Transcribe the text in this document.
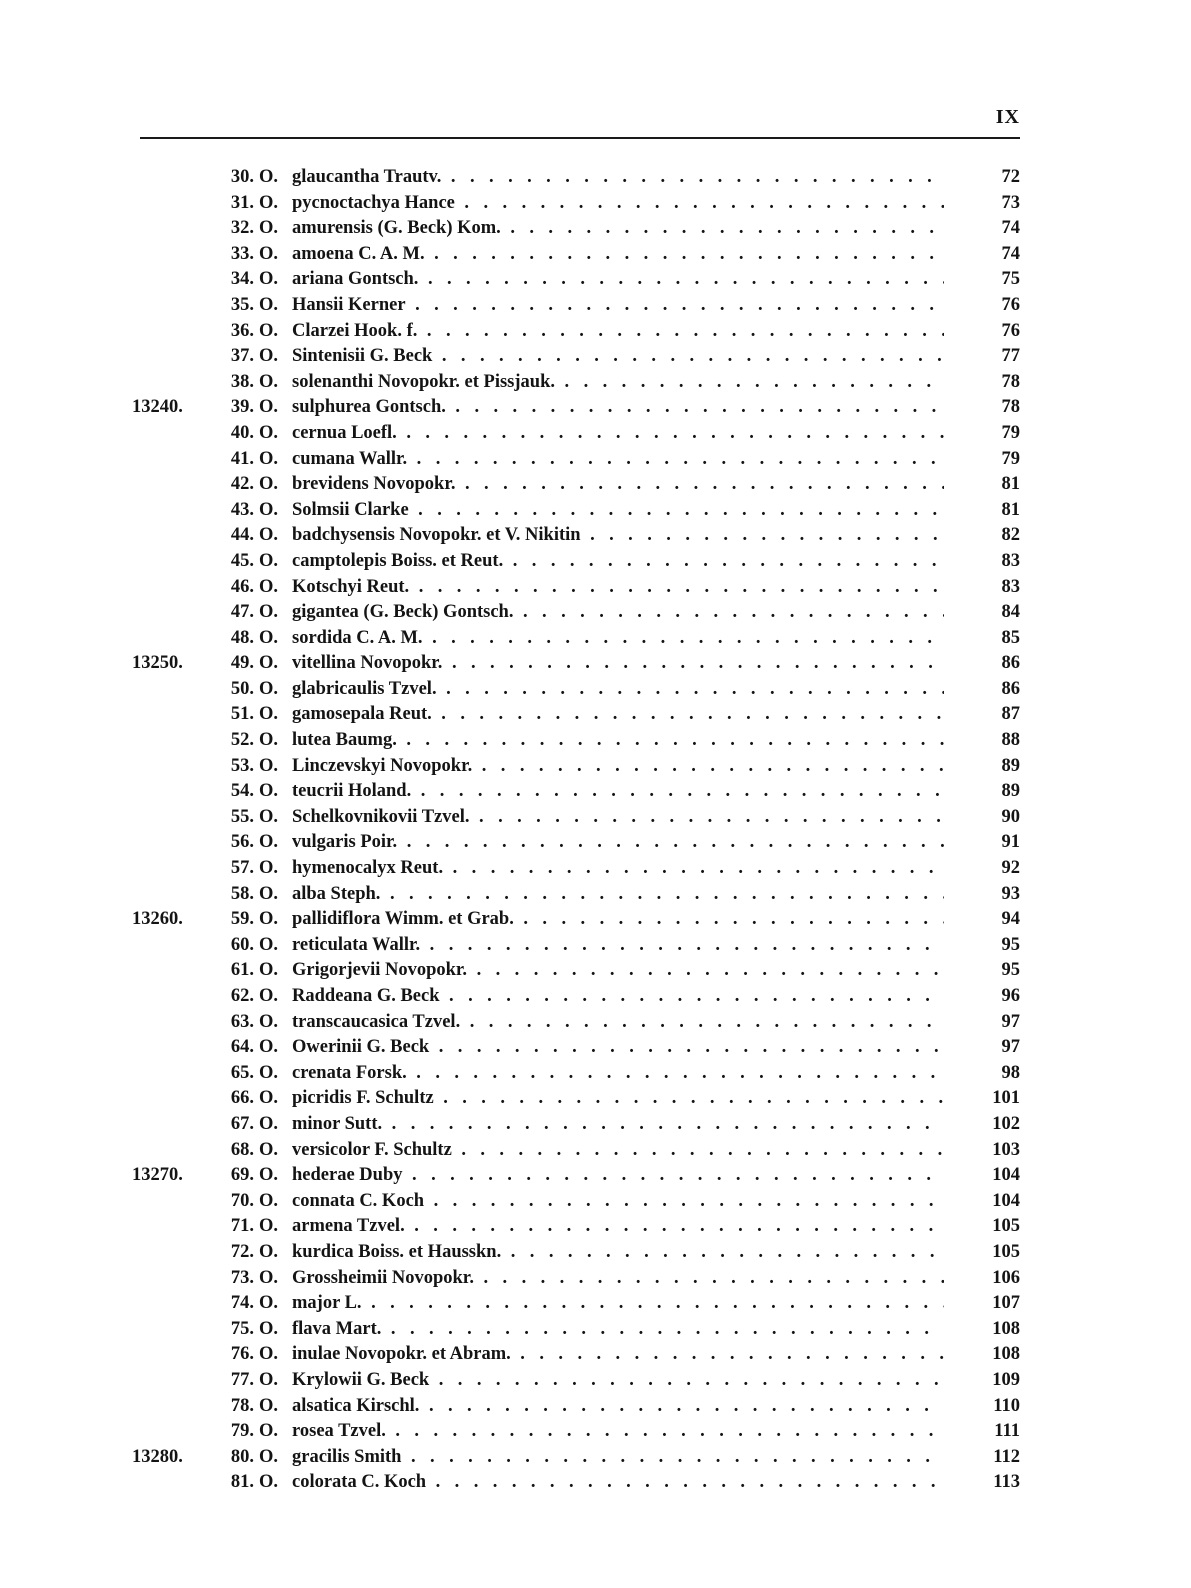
IX
30. O. glaucantha Trautv. . . .	72
31. O. pycnoctachya Hance . . .	73
32. O. amurensis (G. Beck) Kom. . . .	74
33. O. amoena C. A. M. . . .	74
34. O. ariana Gontsch. . . .	75
35. O. Hansii Kerner . . .	76
36. O. Clarzei Hook. f. . . .	76
37. O. Sintenisii G. Beck . . .	77
38. O. solenanthi Novopokr. et Pissjauk. . . .	78
13240.	39. O. sulphurea Gontsch. . . .	78
40. O. cernua Loefl. . . .	79
41. O. cumana Wallr. . . .	79
42. O. brevidens Novopokr. . . .	81
43. O. Solmsii Clarke . . .	81
44. O. badchysensis Novopokr. et V. Nikitin . . .	82
45. O. camptolepis Boiss. et Reut. . . .	83
46. O. Kotschyi Reut. . . .	83
47. O. gigantea (G. Beck) Gontsch. . . .	84
48. O. sordida C. A. M. . . .	85
13250.	49. O. vitellina Novopokr. . . .	86
50. O. glabricaulis Tzvel. . . .	86
51. O. gamosepala Reut. . . .	87
52. O. lutea Baumg. . . .	88
53. O. Linczevskyi Novopokr. . . .	89
54. O. teucrii Holand. . . .	89
55. O. Schelkovnikovii Tzvel. . . .	90
56. O. vulgaris Poir. . . .	91
57. O. hymenocalyx Reut. . . .	92
58. O. alba Steph. . . .	93
13260.	59. O. pallidiflora Wimm. et Grab. . . .	94
60. O. reticulata Wallr. . . .	95
61. O. Grigorjevii Novopokr. . . .	95
62. O. Raddeana G. Beck . . .	96
63. O. transcaucasica Tzvel. . . .	97
64. O. Owerinii G. Beck . . .	97
65. O. crenata Forsk. . . .	98
66. O. picridis F. Schultz . . .	101
67. O. minor Sutt. . . .	102
68. O. versicolor F. Schultz . . .	103
13270.	69. O. hederae Duby . . .	104
70. O. connata C. Koch . . .	104
71. O. armena Tzvel. . . .	105
72. O. kurdica Boiss. et Hausskn. . . .	105
73. O. Grossheimii Novopokr. . . .	106
74. O. major L. . . .	107
75. O. flava Mart. . . .	108
76. O. inulae Novopokr. et Abram. . . .	108
77. O. Krylowii G. Beck . . .	109
78. O. alsatica Kirschl. . . .	110
79. O. rosea Tzvel. . . .	111
13280.	80. O. gracilis Smith . . .	112
81. O. colorata C. Koch . . .	113
